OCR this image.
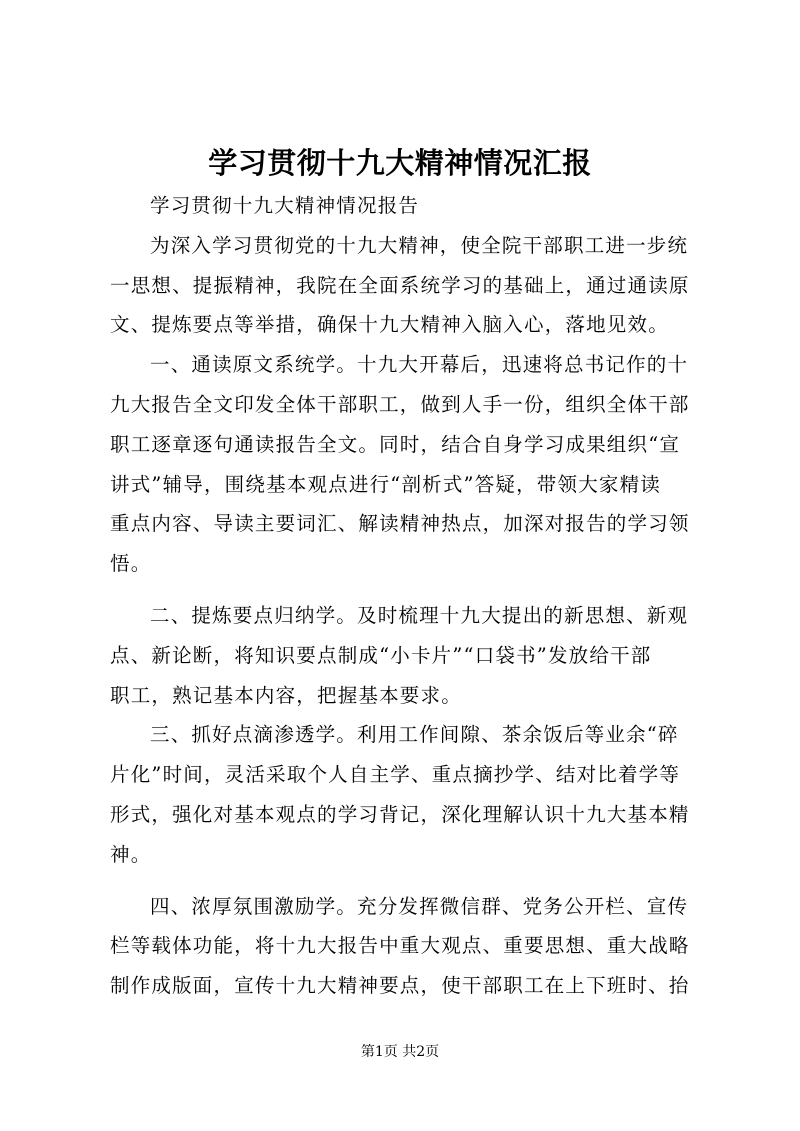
学习贯彻十九大精神情况汇报
学习贯彻十九大精神情况报告
为深入学习贯彻党的十九大精神，使全院干部职工进一步统
一思想、提振精神，我院在全面系统学习的基础上，通过通读原
文、提炼要点等举措，确保十九大精神入脑入心，落地见效。
一、通读原文系统学。十九大开幕后，迅速将总书记作的十
九大报告全文印发全体干部职工，做到人手一份，组织全体干部
职工逐章逐句通读报告全文。同时，结合自身学习成果组织“宣
讲式”辅导，围绕基本观点进行“剖析式”答疑，带领大家精读
重点内容、导读主要词汇、解读精神热点，加深对报告的学习领
悟。
二、提炼要点归纳学。及时梳理十九大提出的新思想、新观
点、新论断，将知识要点制成“小卡片”“口袋书”发放给干部
职工，熟记基本内容，把握基本要求。
三、抓好点滴渗透学。利用工作间隙、茶余饭后等业余“碎
片化”时间，灵活采取个人自主学、重点摘抄学、结对比着学等
形式，强化对基本观点的学习背记，深化理解认识十九大基本精
神。
四、浓厚氛围激励学。充分发挥微信群、党务公开栏、宣传
栏等载体功能，将十九大报告中重大观点、重要思想、重大战略
制作成版面，宣传十九大精神要点，使干部职工在上下班时、抬
第1页 共2页
